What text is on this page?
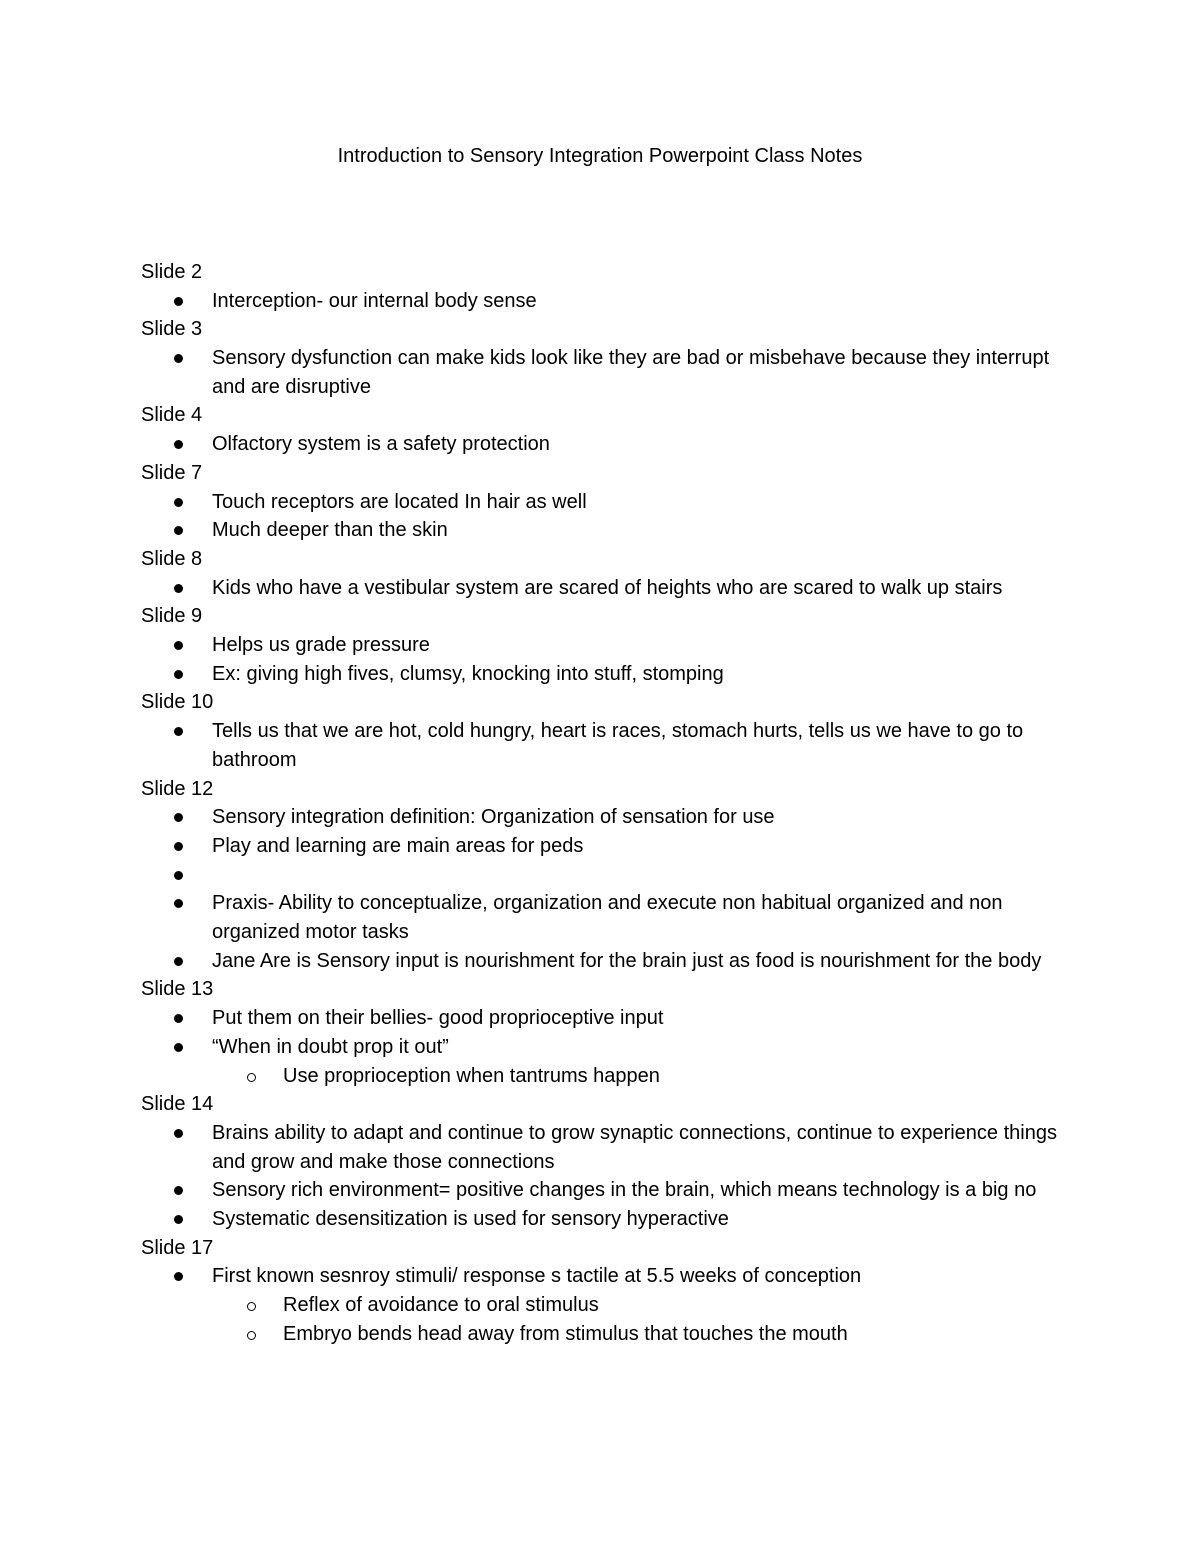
Introduction to Sensory Integration Powerpoint Class Notes
Slide 2
Interception- our internal body sense
Slide 3
Sensory dysfunction can make kids look like they are bad or misbehave because they interrupt and are disruptive
Slide 4
Olfactory system is a safety protection
Slide 7
Touch receptors are located In hair as well
Much deeper than the skin
Slide 8
Kids who have a vestibular system are scared of heights who are scared to walk up stairs
Slide 9
Helps us grade pressure
Ex: giving high fives, clumsy, knocking into stuff, stomping
Slide 10
Tells us that we are hot, cold hungry, heart is races, stomach hurts, tells us we have to go to bathroom
Slide 12
Sensory integration definition: Organization of sensation for use
Play and learning are main areas for peds
Praxis- Ability to conceptualize, organization and execute non habitual organized and non organized motor tasks
Jane Are is Sensory input is nourishment for the brain just as food is nourishment for the body
Slide 13
Put them on their bellies- good proprioceptive input
“When in doubt prop it out”
Use proprioception when tantrums happen
Slide 14
Brains ability to adapt and continue to grow synaptic connections, continue to experience things and grow and make those connections
Sensory rich environment= positive changes in the brain, which means technology is a big no
Systematic desensitization is used for sensory hyperactive
Slide 17
First known sesnroy stimuli/ response s tactile at 5.5 weeks of conception
Reflex of avoidance to oral stimulus
Embryo bends head away from stimulus that touches the mouth
